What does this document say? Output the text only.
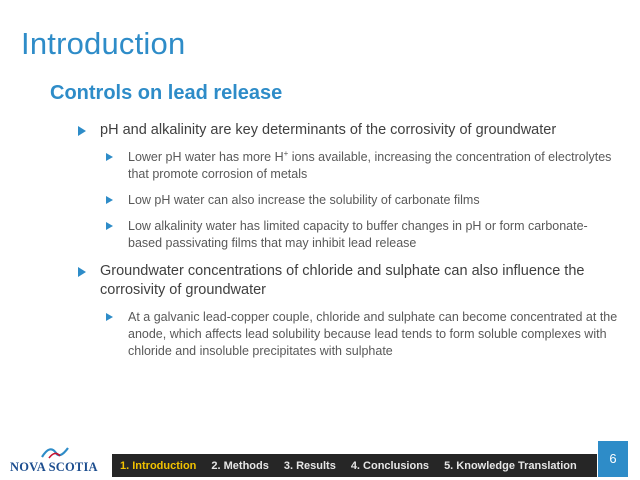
Introduction
Controls on lead release
pH and alkalinity are key determinants of the corrosivity of groundwater
Lower pH water has more H+ ions available, increasing the concentration of electrolytes that promote corrosion of metals
Low pH water can also increase the solubility of carbonate films
Low alkalinity water has limited capacity to buffer changes in pH or form carbonate-based passivating films that may inhibit lead release
Groundwater concentrations of chloride and sulphate can also influence the corrosivity of groundwater
At a galvanic lead-copper couple, chloride and sulphate can become concentrated at the anode, which affects lead solubility because lead tends to form soluble complexes with chloride and insoluble precipitates with sulphate
NOVA SCOTIA 1. Introduction 2. Methods 3. Results 4. Conclusions 5. Knowledge Translation	6
